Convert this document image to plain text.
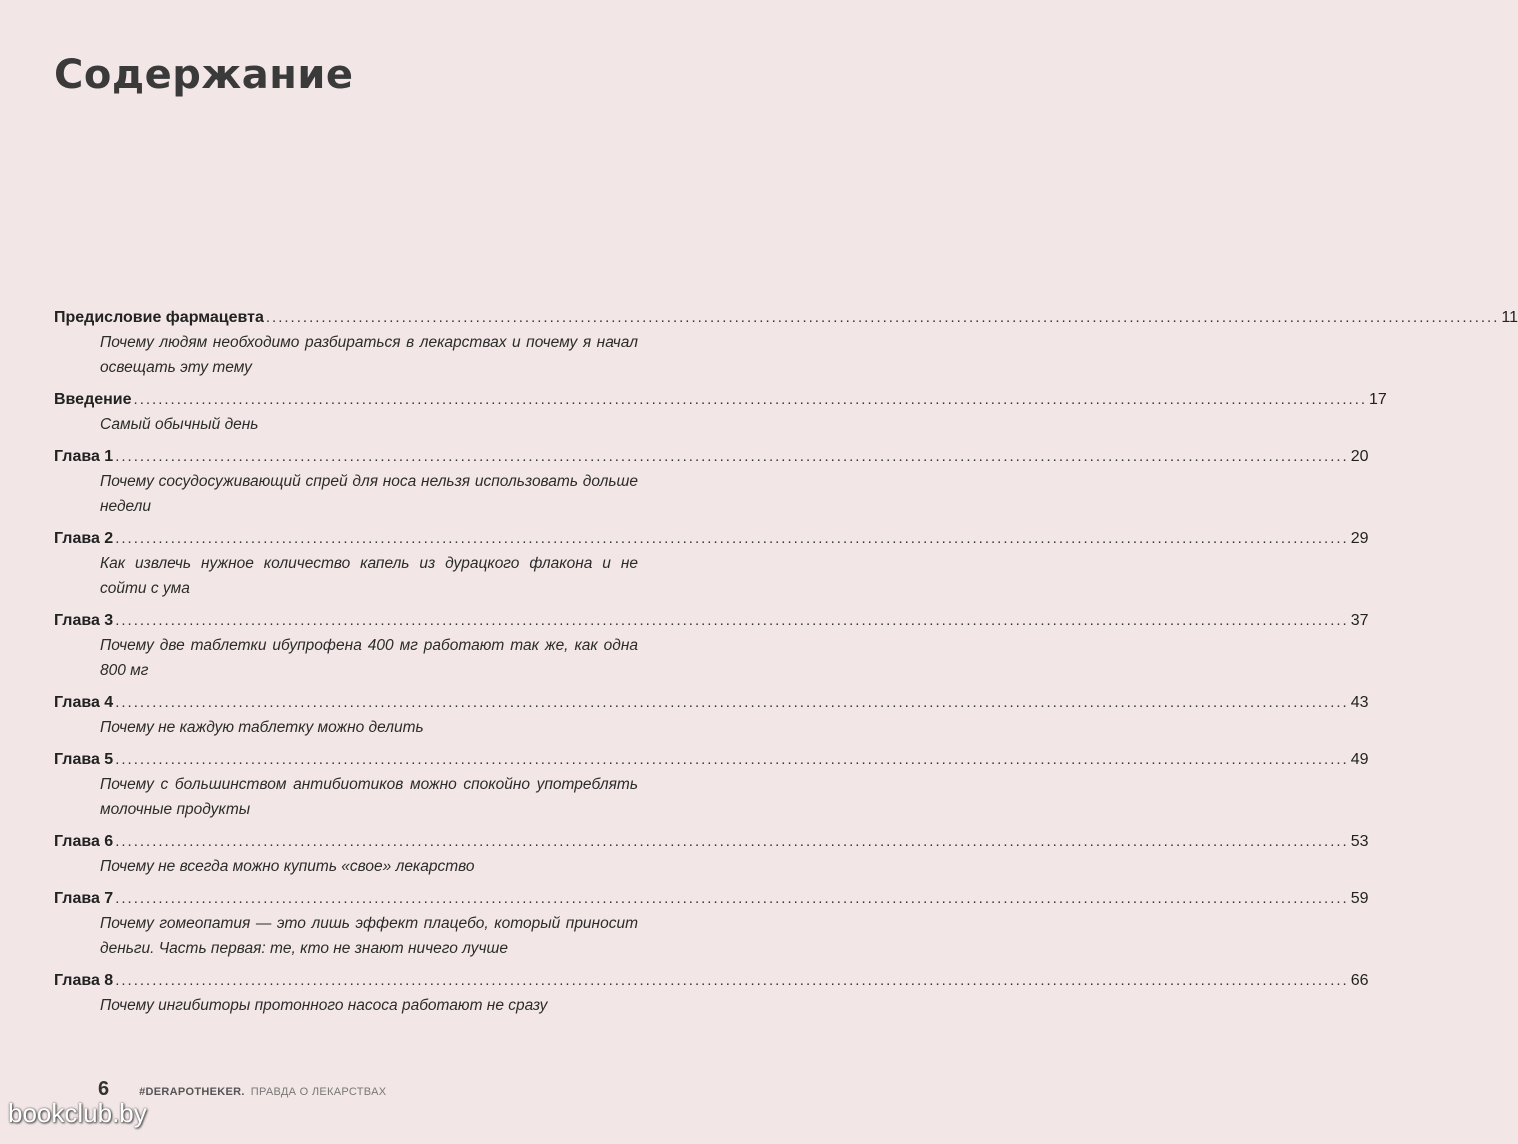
Содержание
Предисловие фармацевта ........................................................................................................................................................................................................ 11
Почему людям необходимо разбираться в лекарствах и почему я начал освещать эту тему
Введение ........................................................................................................................................................................................................ 17
Самый обычный день
Глава 1 ........................................................................................................................................................................................................ 20
Почему сосудосуживающий спрей для носа нельзя использовать дольше недели
Глава 2 ........................................................................................................................................................................................................ 29
Как извлечь нужное количество капель из дурацкого флакона и не сойти с ума
Глава 3 ........................................................................................................................................................................................................ 37
Почему две таблетки ибупрофена 400 мг работают так же, как одна 800 мг
Глава 4 ........................................................................................................................................................................................................ 43
Почему не каждую таблетку можно делить
Глава 5 ........................................................................................................................................................................................................ 49
Почему с большинством антибиотиков можно спокойно употреблять молочные продукты
Глава 6 ........................................................................................................................................................................................................ 53
Почему не всегда можно купить «свое» лекарство
Глава 7 ........................................................................................................................................................................................................ 59
Почему гомеопатия — это лишь эффект плацебо, который приносит деньги. Часть первая: те, кто не знают ничего лучше
Глава 8 ........................................................................................................................................................................................................ 66
Почему ингибиторы протонного насоса работают не сразу
6	#DERAPOTHEKER. ПРАВДА О ЛЕКАРСТВАХ
bookclub.by
